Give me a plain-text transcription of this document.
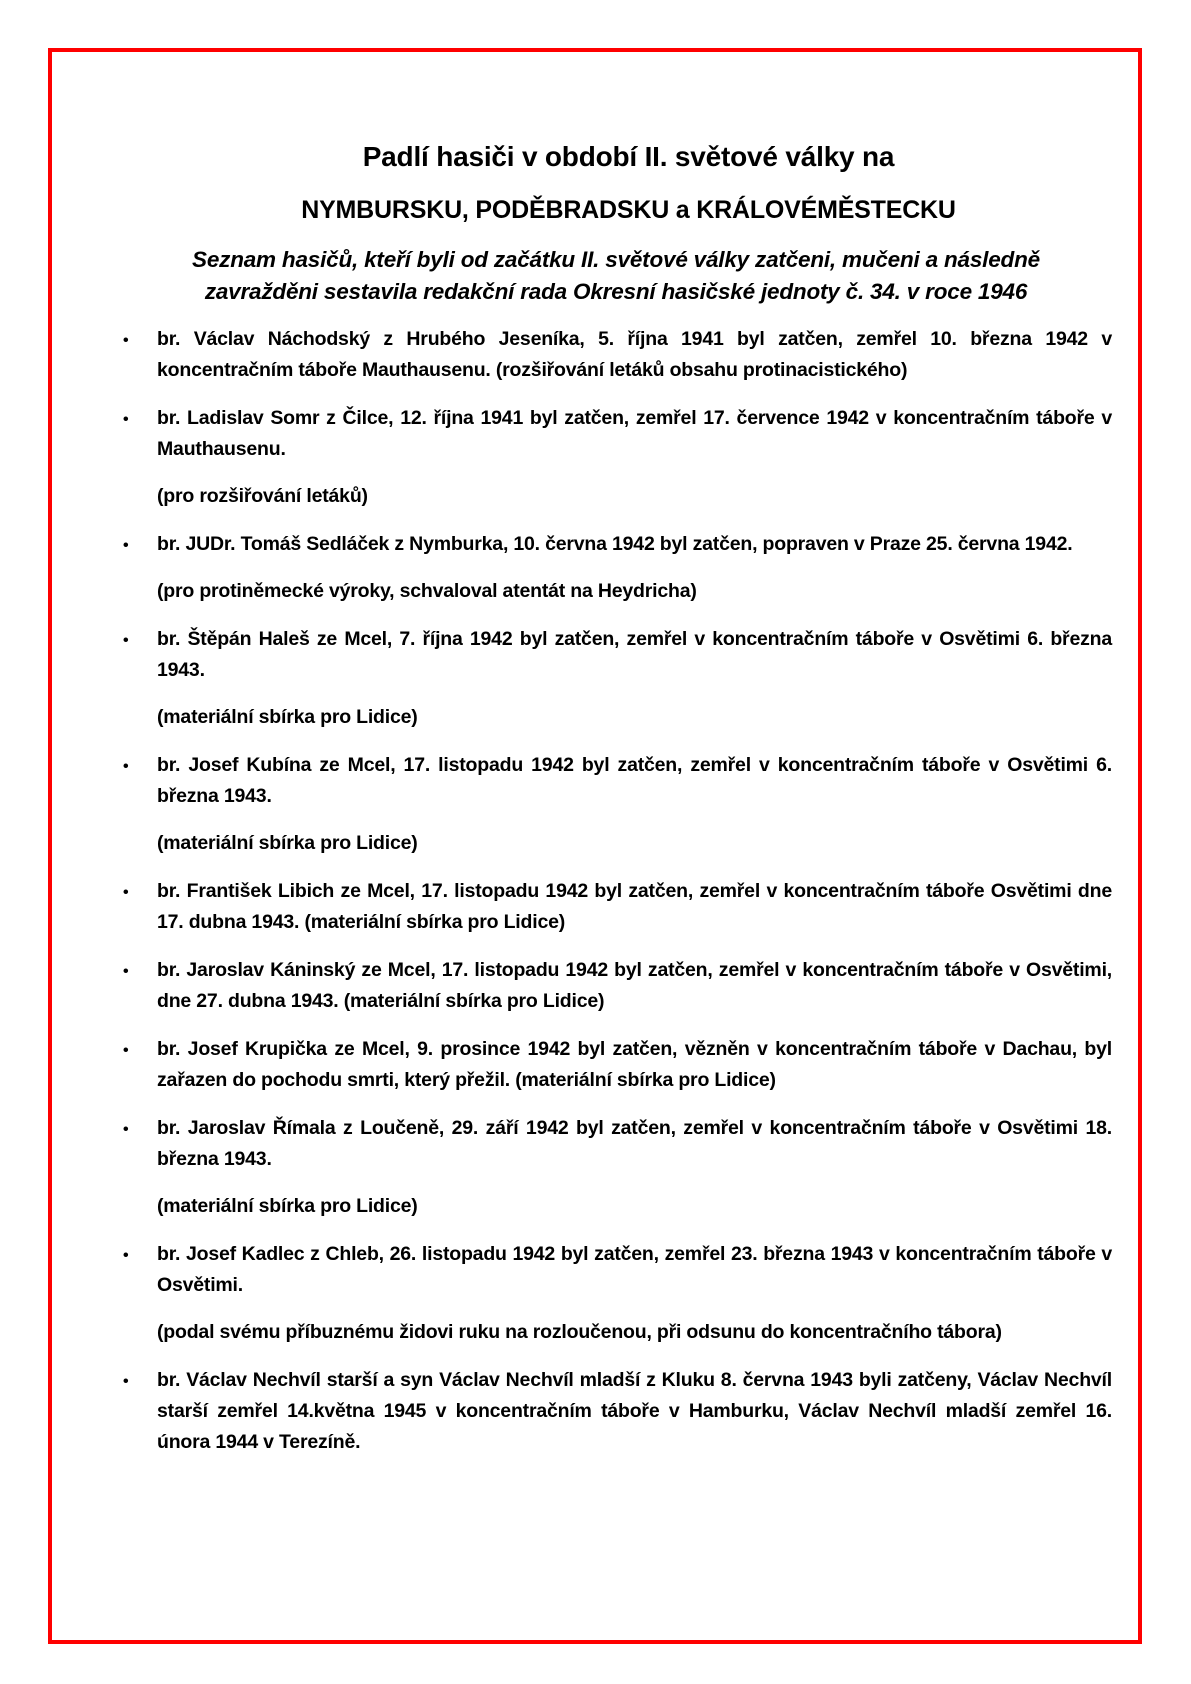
Padlí hasiči v období II. světové války na
NYMBURSKU, PODĚBRADSKU a KRÁLOVÉMĚSTECKU
Seznam hasičů, kteří byli od začátku II. světové války zatčeni, mučeni a následně
zavražděni sestavila redakční rada Okresní hasičské jednoty č. 34. v roce 1946
• br. Václav Náchodský z Hrubého Jeseníka, 5. října 1941 byl zatčen, zemřel 10. března 1942 v koncentračním táboře Mauthausenu. (rozšiřování letáků obsahu protinacistického)
• br. Ladislav Somr z Čilce, 12. října 1941 byl zatčen, zemřel 17. července 1942 v koncentračním táboře v Mauthausenu.
(pro rozšiřování letáků)
• br. JUDr. Tomáš Sedláček z Nymburka, 10. června 1942 byl zatčen, popraven v Praze 25. června 1942.
(pro protiněmecké výroky, schvaloval atentát na Heydricha)
• br. Štěpán Haleš ze Mcel, 7. října 1942 byl zatčen, zemřel v koncentračním táboře v Osvětimi 6. března 1943.
(materiální sbírka pro Lidice)
• br. Josef Kubína ze Mcel, 17. listopadu 1942 byl zatčen, zemřel v koncentračním táboře v Osvětimi 6. března 1943.
(materiální sbírka pro Lidice)
• br. František Libich ze Mcel, 17. listopadu 1942 byl zatčen, zemřel v koncentračním táboře Osvětimi dne 17. dubna 1943. (materiální sbírka pro Lidice)
• br. Jaroslav Káninský ze Mcel, 17. listopadu 1942 byl zatčen, zemřel v koncentračním táboře v Osvětimi, dne 27. dubna 1943. (materiální sbírka pro Lidice)
• br. Josef Krupička ze Mcel, 9. prosince 1942 byl zatčen, vězněn v koncentračním táboře v Dachau, byl zařazen do pochodu smrti, který přežil. (materiální sbírka pro Lidice)
• br. Jaroslav Římala z Loučeně, 29. září 1942 byl zatčen, zemřel v koncentračním táboře v Osvětimi 18. března 1943.
(materiální sbírka pro Lidice)
• br. Josef Kadlec z Chleb, 26. listopadu 1942 byl zatčen, zemřel 23. března 1943 v koncentračním táboře v Osvětimi.
(podal svému příbuznému židovi ruku na rozloučenou, při odsunu do koncentračního tábora)
• br. Václav Nechvíl starší a syn Václav Nechvíl mladší z Kluku 8. června 1943 byli zatčeny, Václav Nechvíl starší zemřel 14.května 1945 v koncentračním táboře v Hamburku, Václav Nechvíl mladší zemřel 16. února 1944 v Terezíně.
